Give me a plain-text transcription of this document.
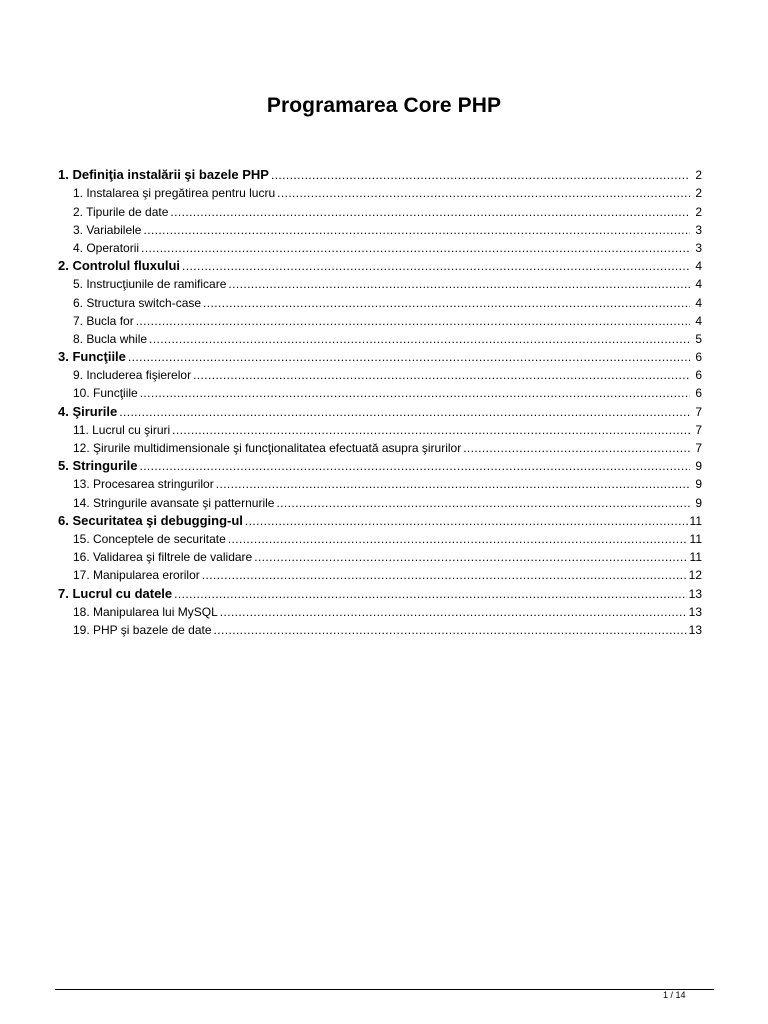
Programarea Core PHP
1. Definiţia instalării şi bazele PHP .....	2
1. Instalarea şi pregătirea pentru lucru .....	2
2. Tipurile de date .....	2
3. Variabilele .....	3
4. Operatorii .....	3
2. Controlul fluxului .....	4
5. Instrucţiunile de ramificare .....	4
6. Structura switch-case .....	4
7. Bucla for .....	4
8. Bucla while .....	5
3. Funcţiile .....	6
9. Includerea fişierelor .....	6
10. Funcţiile .....	6
4. Şirurile .....	7
11. Lucrul cu şiruri .....	7
12. Şirurile multidimensionale şi funcţionalitatea efectuată asupra şirurilor .....	7
5. Stringurile .....	9
13. Procesarea stringurilor .....	9
14. Stringurile avansate şi patternurile .....	9
6. Securitatea şi debugging-ul .....	11
15. Conceptele de securitate .....	11
16. Validarea şi filtrele de validare .....	11
17. Manipularea erorilor .....	12
7. Lucrul cu datele .....	13
18. Manipularea lui MySQL .....	13
19. PHP şi bazele de date .....	13
1 / 14
